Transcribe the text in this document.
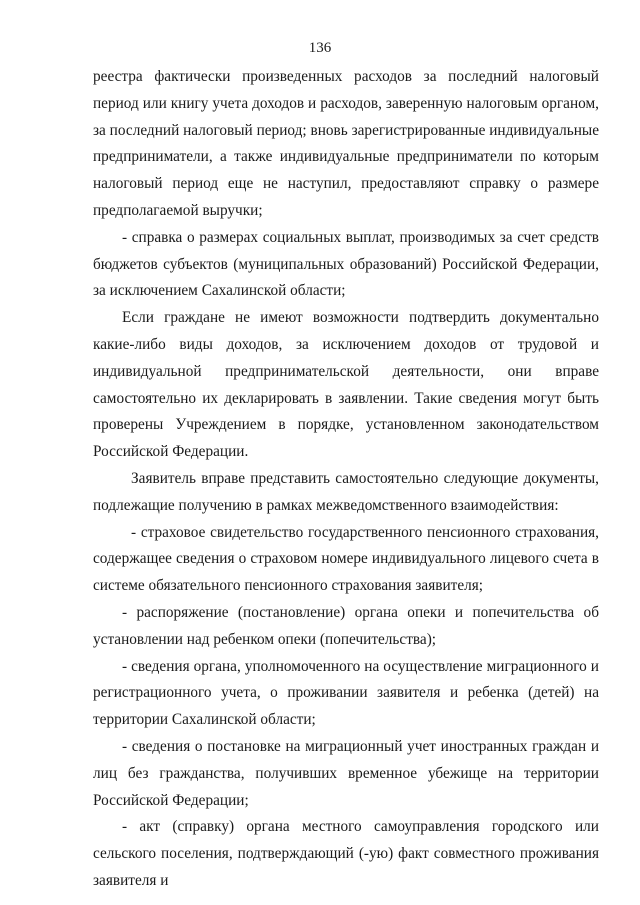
136

реестра фактически произведенных расходов за последний налоговый период или книгу учета доходов и расходов, заверенную налоговым органом, за последний налоговый период; вновь зарегистрированные индивидуальные предприниматели, а также индивидуальные предприниматели по которым налоговый период еще не наступил, предоставляют справку о размере предполагаемой выручки;

- справка о размерах социальных выплат, производимых за счет средств бюджетов субъектов (муниципальных образований) Российской Федерации, за исключением Сахалинской области;

Если граждане не имеют возможности подтвердить документально какие-либо виды доходов, за исключением доходов от трудовой и индивидуальной предпринимательской деятельности, они вправе самостоятельно их декларировать в заявлении. Такие сведения могут быть проверены Учреждением в порядке, установленном законодательством Российской Федерации.

Заявитель вправе представить самостоятельно следующие документы, подлежащие получению в рамках межведомственного взаимодействия:

- страховое свидетельство государственного пенсионного страхования, содержащее сведения о страховом номере индивидуального лицевого счета в системе обязательного пенсионного страхования заявителя;

- распоряжение (постановление) органа опеки и попечительства об установлении над ребенком опеки (попечительства);

- сведения органа, уполномоченного на осуществление миграционного и регистрационного учета, о проживании заявителя и ребенка (детей) на территории Сахалинской области;

- сведения о постановке на миграционный учет иностранных граждан и лиц без гражданства, получивших временное убежище на территории Российской Федерации;

- акт (справку) органа местного самоуправления городского или сельского поселения, подтверждающий (-ую) факт совместного проживания заявителя и
